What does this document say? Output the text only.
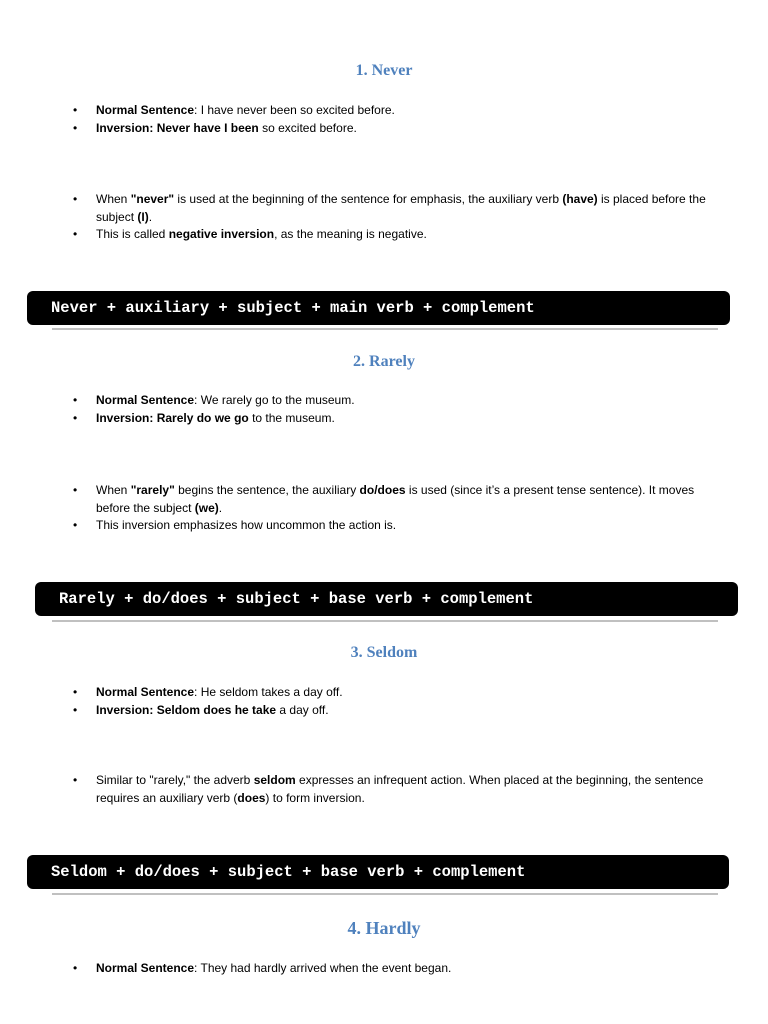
1. Never
• Normal Sentence: I have never been so excited before.
• Inversion: Never have I been so excited before.
• When "never" is used at the beginning of the sentence for emphasis, the auxiliary verb (have) is placed before the subject (I).
• This is called negative inversion, as the meaning is negative.
Never + auxiliary + subject + main verb + complement
2. Rarely
• Normal Sentence: We rarely go to the museum.
• Inversion: Rarely do we go to the museum.
• When "rarely" begins the sentence, the auxiliary do/does is used (since it’s a present tense sentence). It moves before the subject (we).
• This inversion emphasizes how uncommon the action is.
Rarely + do/does + subject + base verb + complement
3. Seldom
• Normal Sentence: He seldom takes a day off.
• Inversion: Seldom does he take a day off.
• Similar to "rarely," the adverb seldom expresses an infrequent action. When placed at the beginning, the sentence requires an auxiliary verb (does) to form inversion.
Seldom + do/does + subject + base verb + complement
4. Hardly
• Normal Sentence: They had hardly arrived when the event began.
